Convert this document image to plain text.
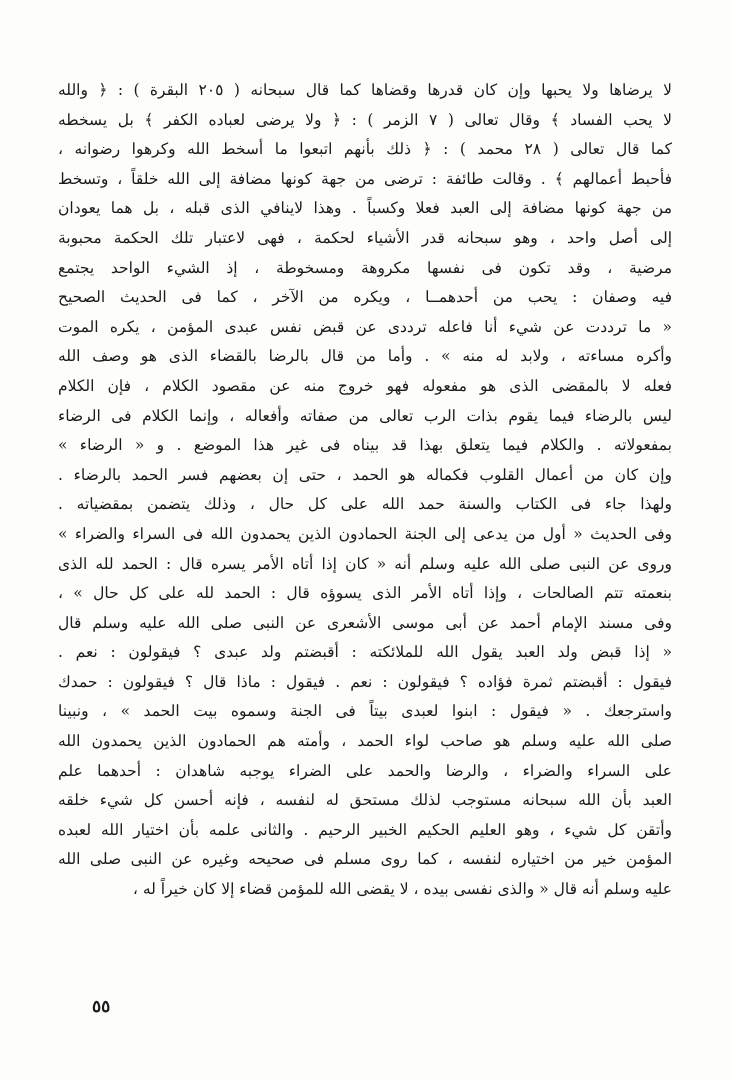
لا يرضاها ولا يحبها وإن كان قدرها وقضاها كما قال سبحانه ( ٢٠٥ البقرة ) : ﴿ والله
لا يحب الفساد ﴾ وقال تعالى ( ٧ الزمر ) : ﴿ ولا يرضى لعباده الكفر ﴾ بل يسخطه
كما قال تعالى ( ٢٨ محمد ) : ﴿ ذلك بأنهم اتبعوا ما أسخط الله وكرهوا رضوانه ،
فأحبط أعمالهم ﴾ . وقالت طائفة : ترضى من جهة كونها مضافة إلى الله خلقاً ، وتسخط
من جهة كونها مضافة إلى العبد فعلا وكسباً . وهذا لاينافي الذى قبله ، بل هما يعودان
إلى أصل واحد ، وهو سبحانه قدر الأشياء لحكمة ، فهى لاعتبار تلك الحكمة محبوبة
مرضية ، وقد تكون فى نفسها مكروهة ومسخوطة ، إذ الشيء الواحد يجتمع
فيه وصفان : يحب من أحدهمــا ، ويكره من الآخر ، كما فى الحديث الصحيح
« ما ترددت عن شيء أنا فاعله ترددى عن قبض نفس عبدى المؤمن ، يكره الموت
وأكره مساءته ، ولابد له منه » . وأما من قال بالرضا بالقضاء الذى هو وصف الله
فعله لا بالمقضى الذى هو مفعوله فهو خروج منه عن مقصود الكلام ، فإن الكلام
ليس بالرضاء فيما يقوم بذات الرب تعالى من صفاته وأفعاله ، وإنما الكلام فى الرضاء
بمفعولاته . والكلام فيما يتعلق بهذا قد بيناه فى غير هذا الموضع . و « الرضاء »
وإن كان من أعمال القلوب فكماله هو الحمد ، حتى إن بعضهم فسر الحمد بالرضاء .
ولهذا جاء فى الكتاب والسنة حمد الله على كل حال ، وذلك يتضمن بمقضياته .
وفى الحديث « أول من يدعى إلى الجنة الحمادون الذين يحمدون الله فى السراء والضراء »
وروى عن النبى صلى الله عليه وسلم أنه « كان إذا أتاه الأمر يسره قال : الحمد لله الذى
بنعمته تتم الصالحات ، وإذا أتاه الأمر الذى يسوؤه قال : الحمد لله على كل حال » ،
وفى مسند الإمام أحمد عن أبى موسى الأشعرى عن النبى صلى الله عليه وسلم قال
« إذا قبض ولد العبد يقول الله للملائكته : أقبضتم ولد عبدى ؟ فيقولون : نعم .
فيقول : أقبضتم ثمرة فؤاده ؟ فيقولون : نعم . فيقول : ماذا قال ؟ فيقولون : حمدك
واسترجعك . « فيقول : ابنوا لعبدى بيتاً فى الجنة وسموه بيت الحمد » ، ونبينا
صلى الله عليه وسلم هو صاحب لواء الحمد ، وأمته هم الحمادون الذين يحمدون الله
على السراء والضراء ، والرضا والحمد على الضراء يوجبه شاهدان : أحدهما علم
العبد بأن الله سبحانه مستوجب لذلك مستحق له لنفسه ، فإنه أحسن كل شيء خلقه
وأتقن كل شيء ، وهو العليم الحكيم الخبير الرحيم . والثانى علمه بأن اختيار الله لعبده
المؤمن خير من اختياره لنفسه ، كما روى مسلم فى صحيحه وغيره عن النبى صلى الله
عليه وسلم أنه قال « والذى نفسى بيده ، لا يقضى الله للمؤمن قضاء إلا كان خيراً له ،
٥٥
